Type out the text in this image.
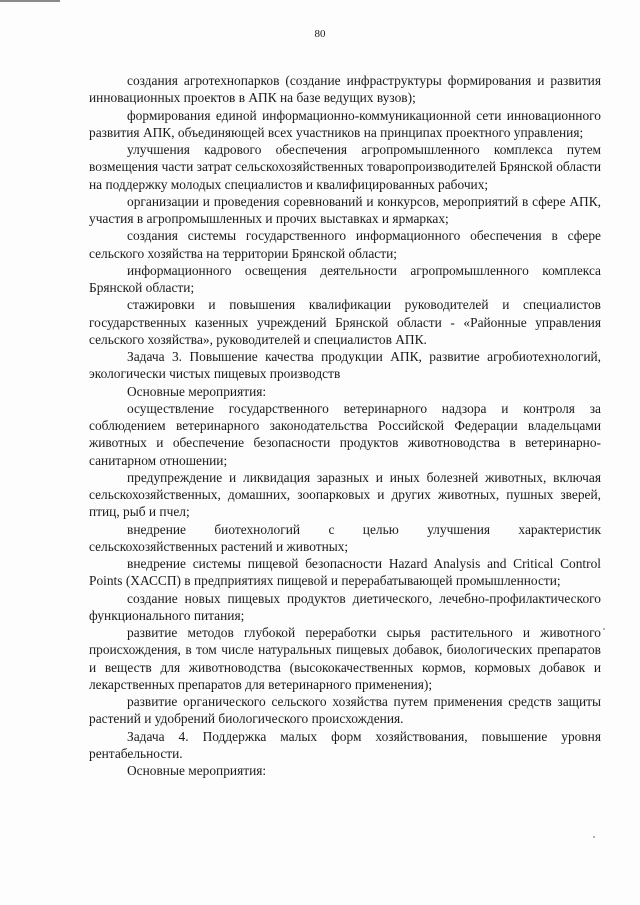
80

создания агротехнопарков (создание инфраструктуры формирования и развития инновационных проектов в АПК на базе ведущих вузов);

формирования единой информационно-коммуникационной сети инновационного развития АПК, объединяющей всех участников на принципах проектного управления;

улучшения кадрового обеспечения агропромышленного комплекса путем возмещения части затрат сельскохозяйственных товаропроизводителей Брянской области на поддержку молодых специалистов и квалифицированных рабочих;

организации и проведения соревнований и конкурсов, мероприятий в сфере АПК, участия в агропромышленных и прочих выставках и ярмарках;

создания системы государственного информационного обеспечения в сфере сельского хозяйства на территории Брянской области;

информационного освещения деятельности агропромышленного комплекса Брянской области;

стажировки и повышения квалификации руководителей и специалистов государственных казенных учреждений Брянской области - «Районные управления сельского хозяйства», руководителей и специалистов АПК.

Задача 3. Повышение качества продукции АПК, развитие агробиотехнологий, экологически чистых пищевых производств

Основные мероприятия:

осуществление государственного ветеринарного надзора и контроля за соблюдением ветеринарного законодательства Российской Федерации владельцами животных и обеспечение безопасности продуктов животноводства в ветеринарно-санитарном отношении;

предупреждение и ликвидация заразных и иных болезней животных, включая сельскохозяйственных, домашних, зоопарковых и других животных, пушных зверей, птиц, рыб и пчел;

внедрение биотехнологий с целью улучшения характеристик сельскохозяйственных растений и животных;

внедрение системы пищевой безопасности Hazard Analysis and Critical Control Points (ХАССП) в предприятиях пищевой и перерабатывающей промышленности;

создание новых пищевых продуктов диетического, лечебно-профилактического функционального питания;

развитие методов глубокой переработки сырья растительного и животного происхождения, в том числе натуральных пищевых добавок, биологических препаратов и веществ для животноводства (высококачественных кормов, кормовых добавок и лекарственных препаратов для ветеринарного применения);

развитие органического сельского хозяйства путем применения средств защиты растений и удобрений биологического происхождения.

Задача 4. Поддержка малых форм хозяйствования, повышение уровня рентабельности.

Основные мероприятия:
